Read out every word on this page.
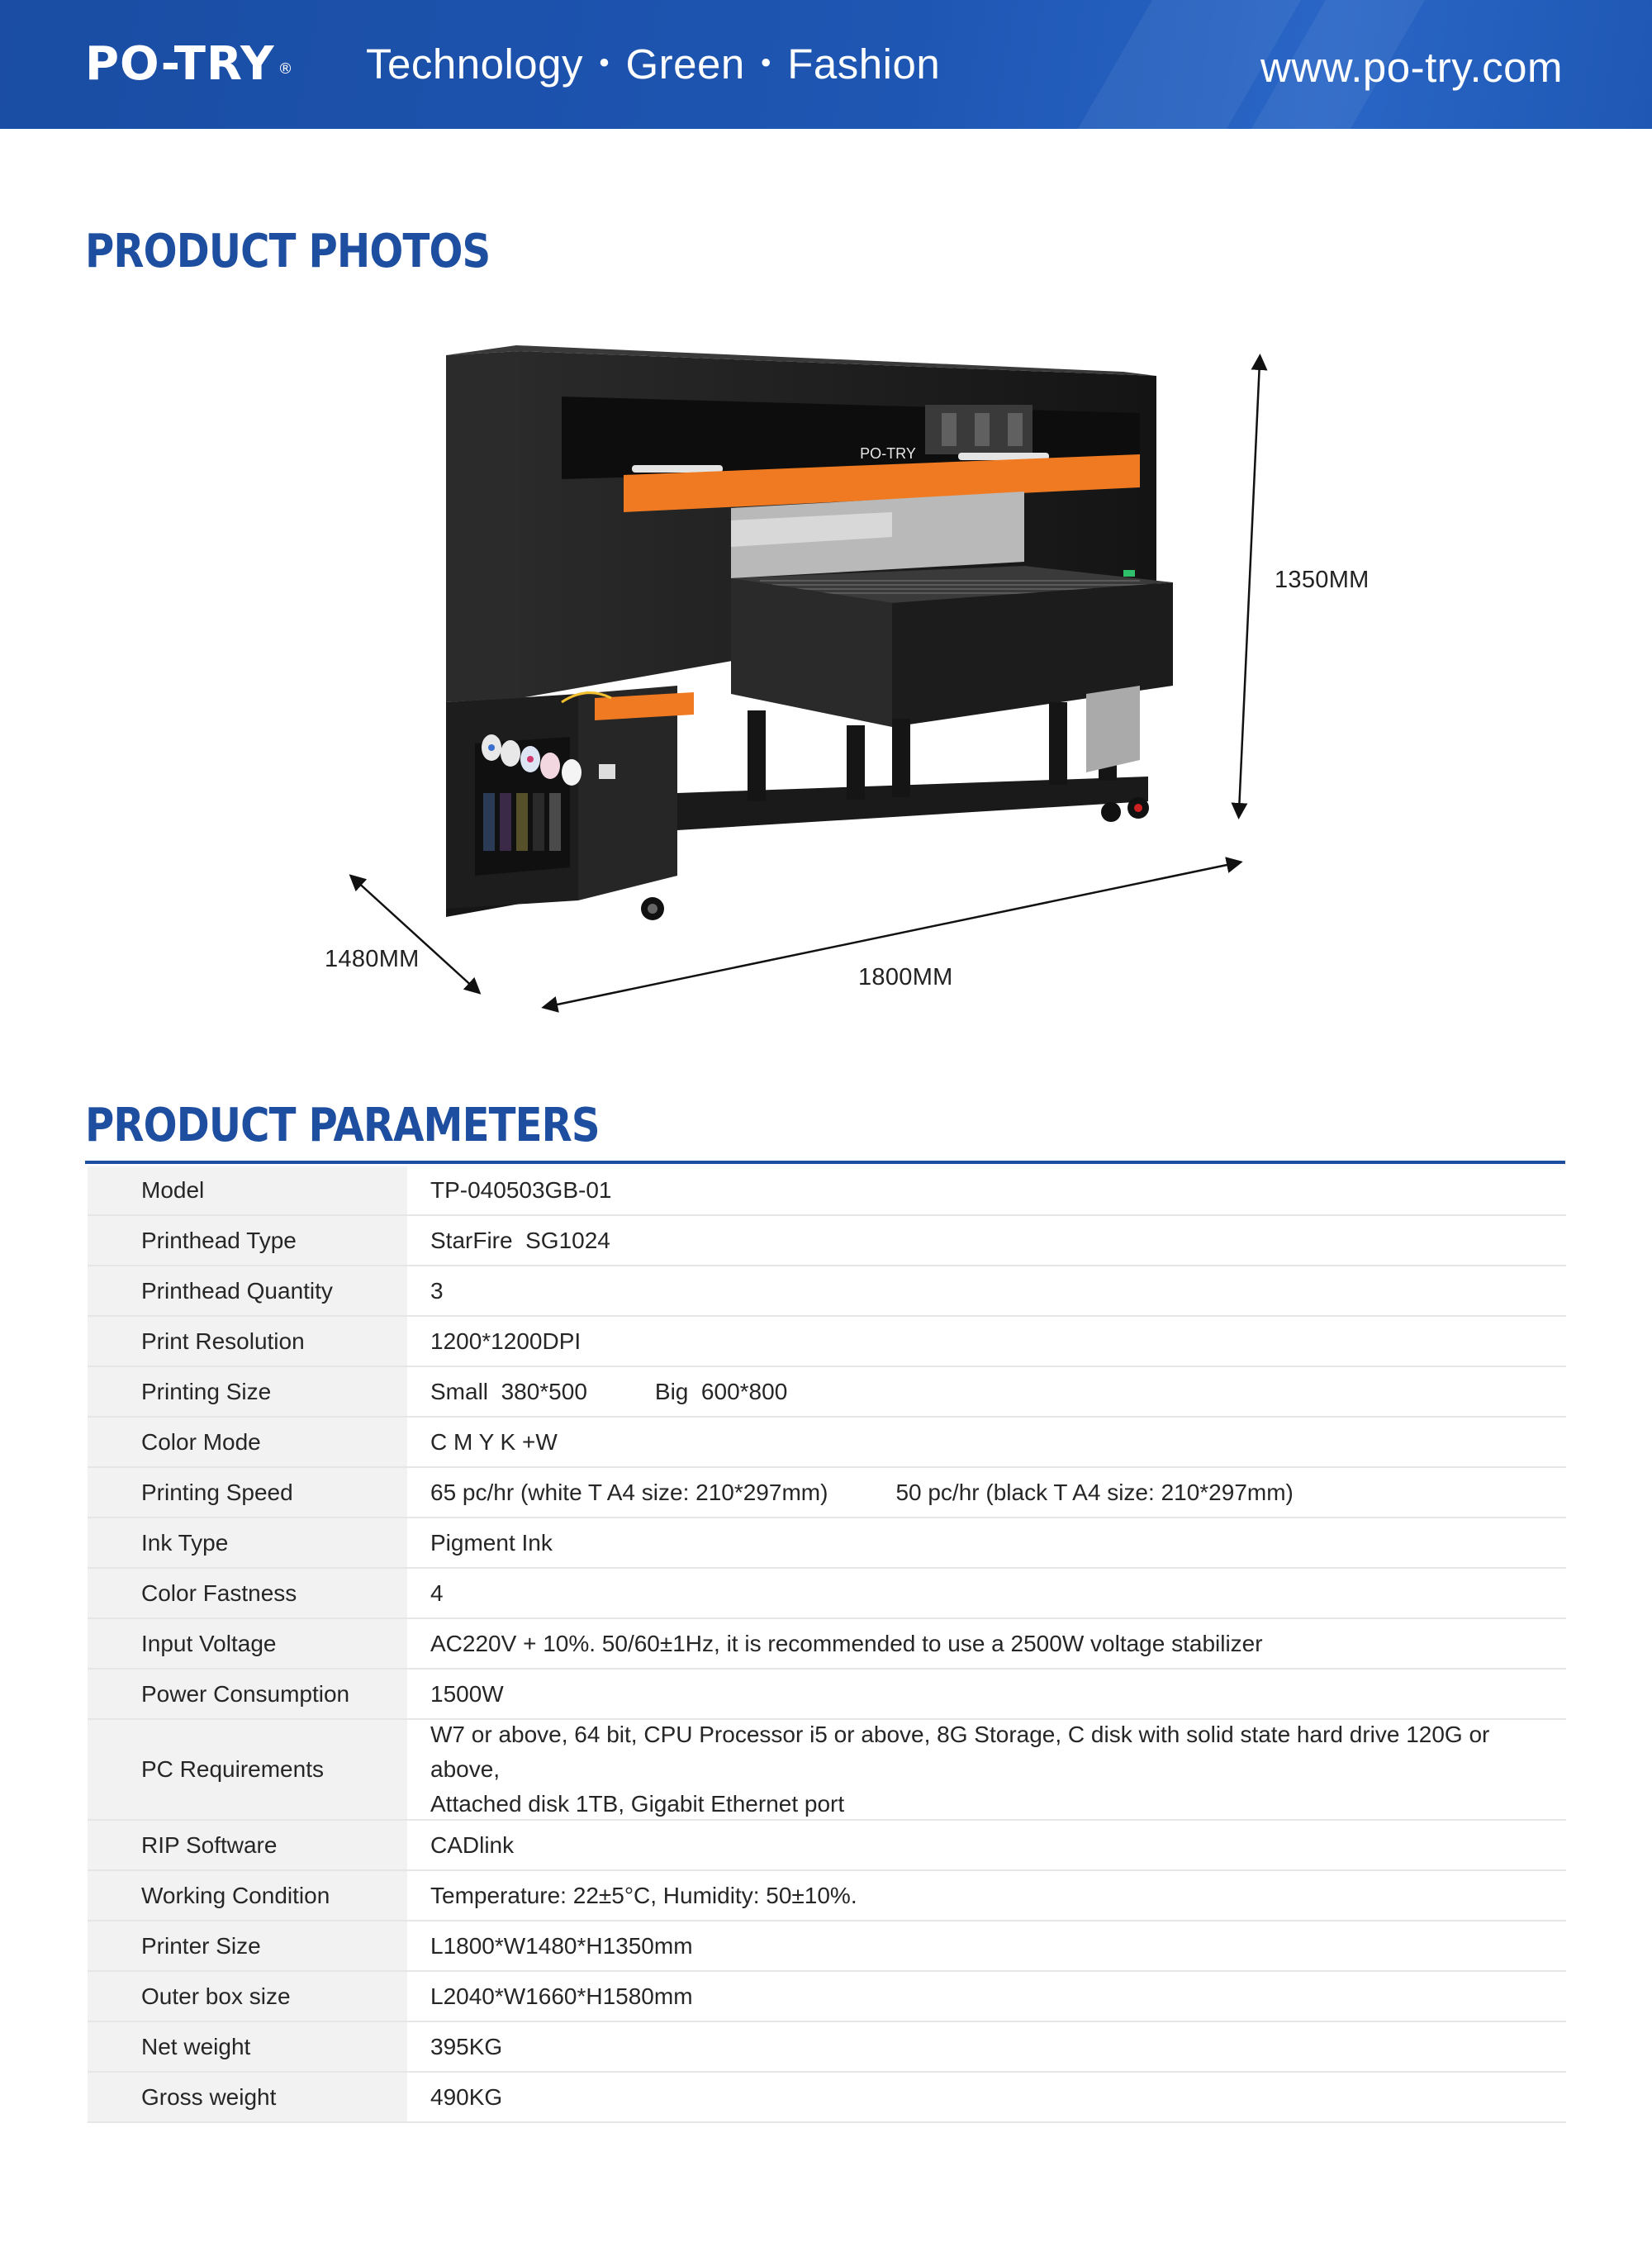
PO-TRY ® Technology・Green・Fashion	www.po-try.com
PRODUCT PHOTOS
PO-TRY
1350MM
1480MM
1800MM
PRODUCT PARAMETERS
Model	TP-040503GB-01
Printhead Type	StarFire  SG1024
Printhead Quantity	3
Print Resolution	1200*1200DPI
Printing Size	Small  380*500	Big  600*800
Color Mode	C M Y K +W
Printing Speed	65 pc/hr (white T A4 size: 210*297mm)	50 pc/hr (black T A4 size: 210*297mm)
Ink Type	Pigment Ink
Color Fastness	4
Input Voltage	AC220V + 10%. 50/60±1Hz, it is recommended to use a 2500W voltage stabilizer
Power Consumption	1500W
PC Requirements
W7 or above, 64 bit, CPU Processor i5 or above, 8G Storage, C disk with solid state hard drive 120G or above,
Attached disk 1TB, Gigabit Ethernet port
RIP Software	CADlink
Working Condition	Temperature: 22±5°C, Humidity: 50±10%.
Printer Size	L1800*W1480*H1350mm
Outer box size	L2040*W1660*H1580mm
Net weight	395KG
Gross weight	490KG
